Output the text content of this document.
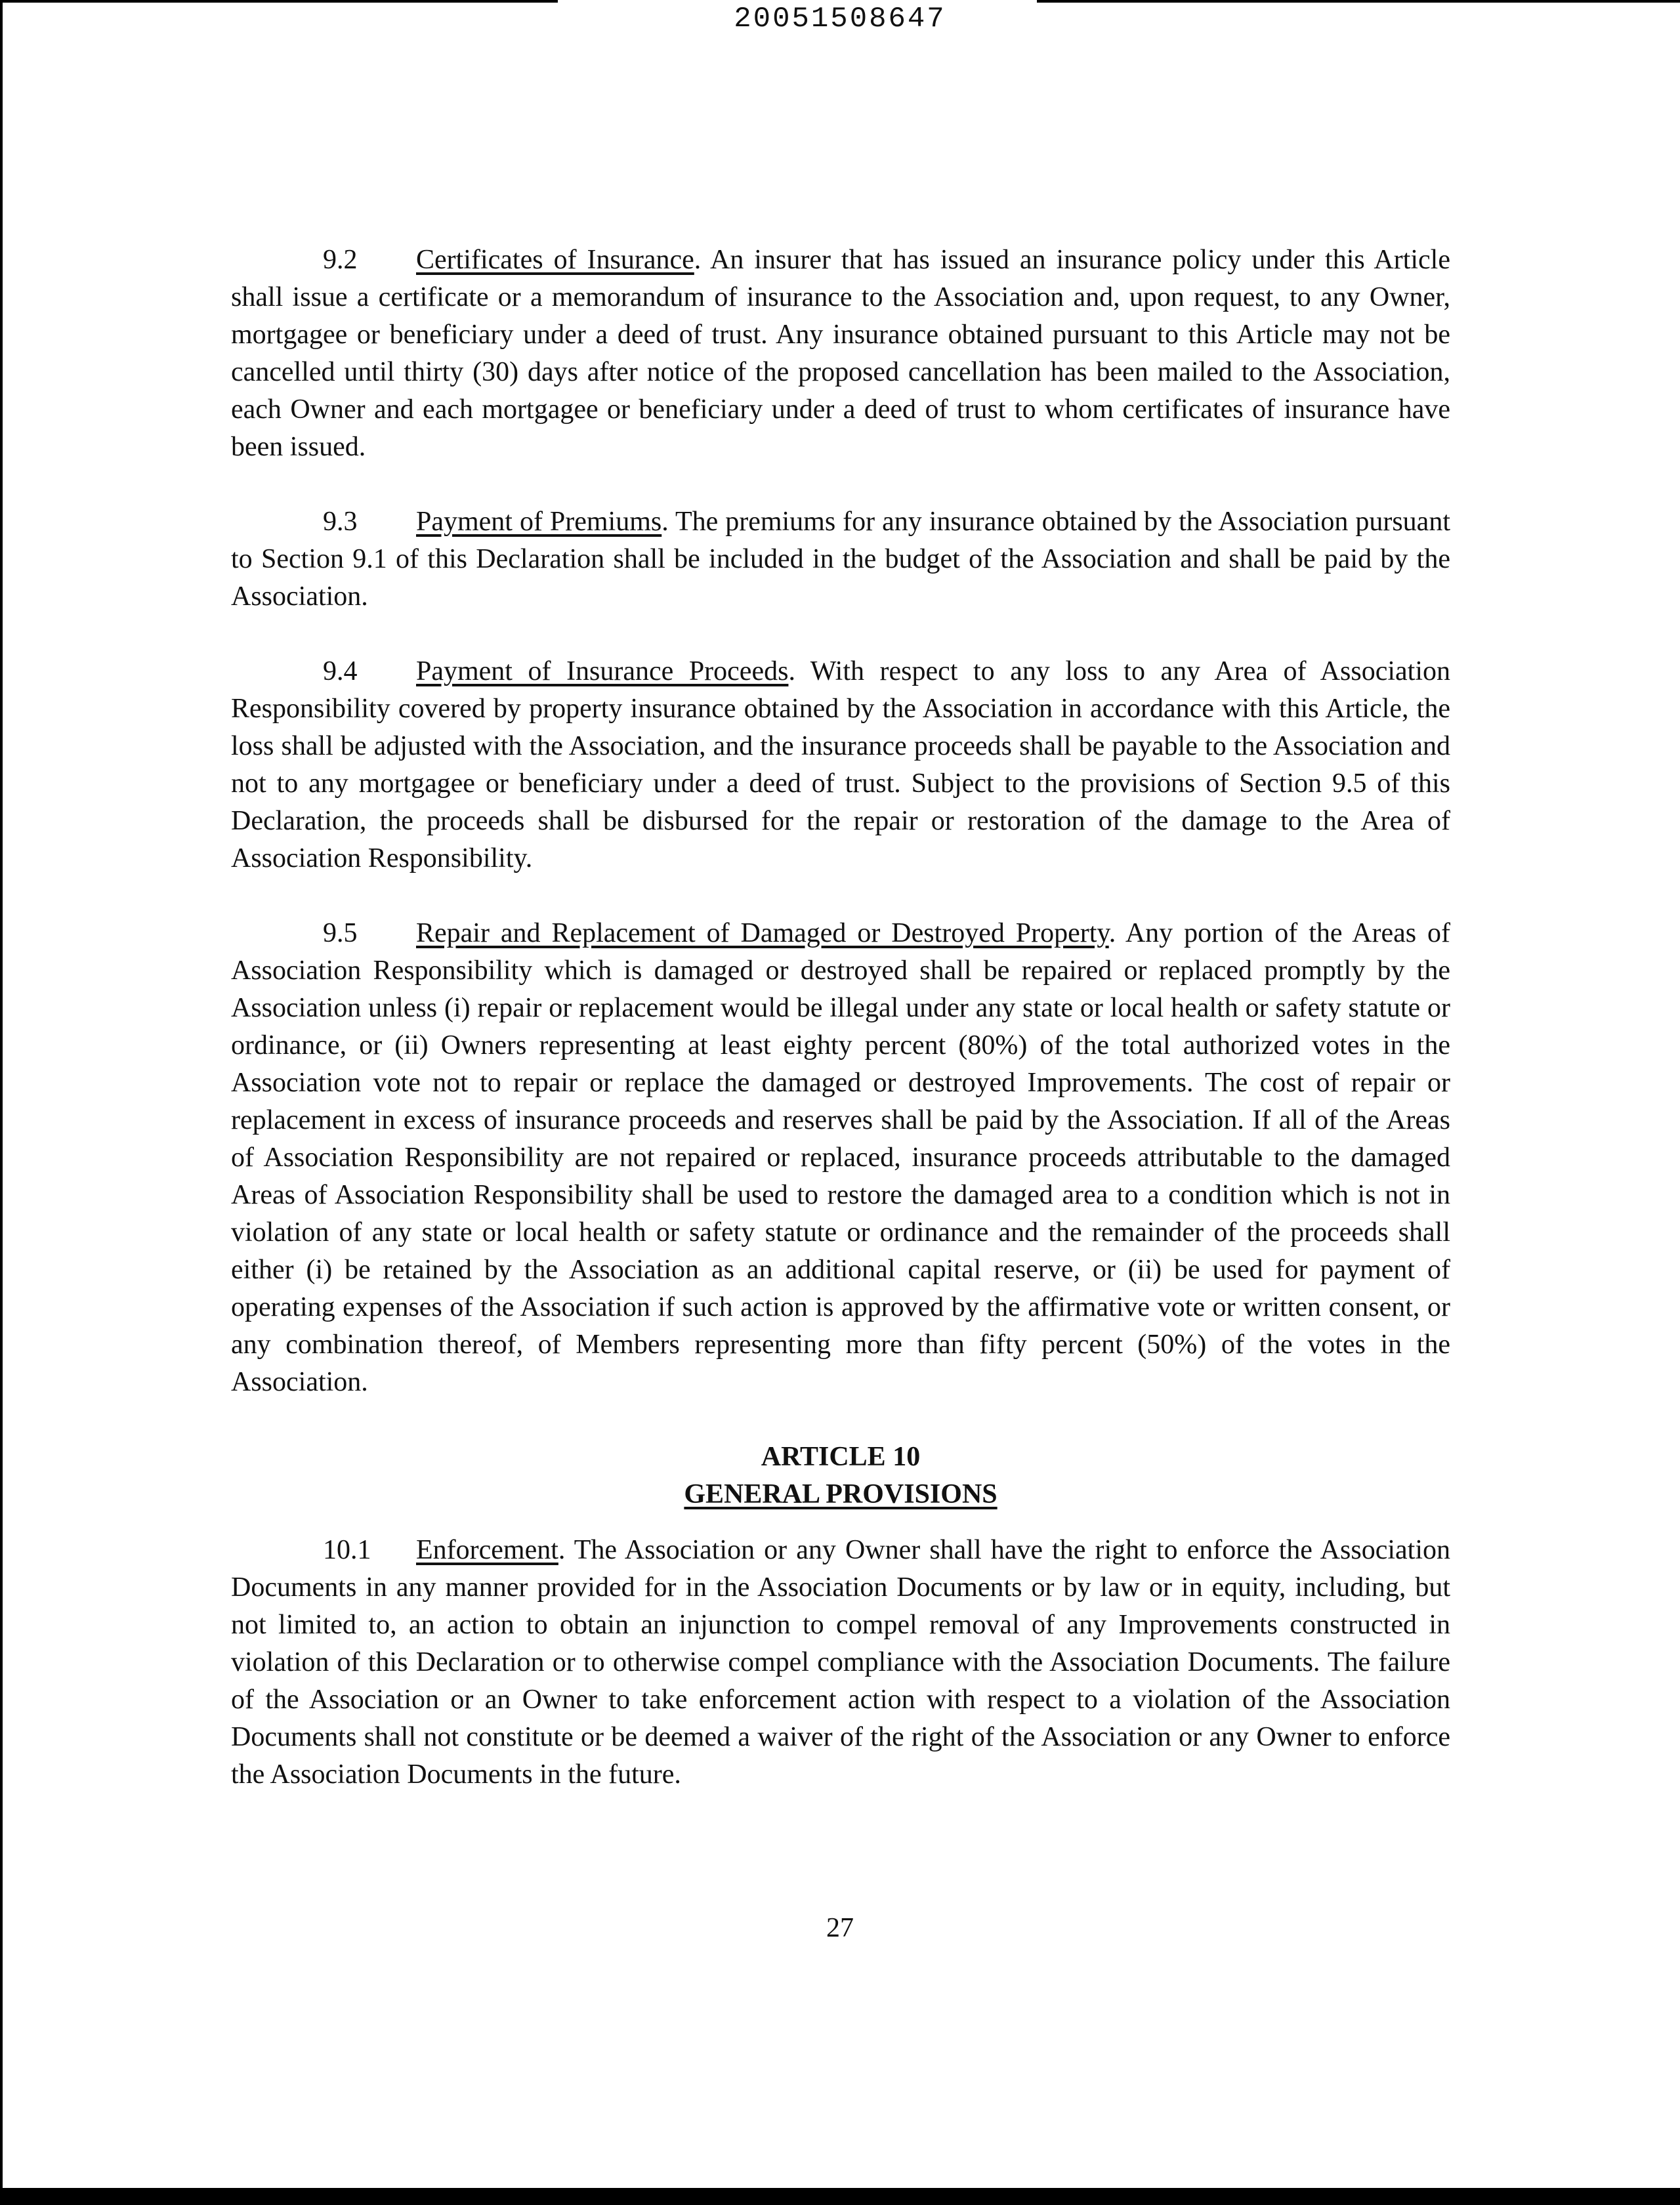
20051508647

9.2 Certificates of Insurance. An insurer that has issued an insurance policy under this Article shall issue a certificate or a memorandum of insurance to the Association and, upon request, to any Owner, mortgagee or beneficiary under a deed of trust. Any insurance obtained pursuant to this Article may not be cancelled until thirty (30) days after notice of the proposed cancellation has been mailed to the Association, each Owner and each mortgagee or beneficiary under a deed of trust to whom certificates of insurance have been issued.

9.3 Payment of Premiums. The premiums for any insurance obtained by the Association pursuant to Section 9.1 of this Declaration shall be included in the budget of the Association and shall be paid by the Association.

9.4 Payment of Insurance Proceeds. With respect to any loss to any Area of Association Responsibility covered by property insurance obtained by the Association in accordance with this Article, the loss shall be adjusted with the Association, and the insurance proceeds shall be payable to the Association and not to any mortgagee or beneficiary under a deed of trust. Subject to the provisions of Section 9.5 of this Declaration, the proceeds shall be disbursed for the repair or restoration of the damage to the Area of Association Responsibility.

9.5 Repair and Replacement of Damaged or Destroyed Property. Any portion of the Areas of Association Responsibility which is damaged or destroyed shall be repaired or replaced promptly by the Association unless (i) repair or replacement would be illegal under any state or local health or safety statute or ordinance, or (ii) Owners representing at least eighty percent (80%) of the total authorized votes in the Association vote not to repair or replace the damaged or destroyed Improvements. The cost of repair or replacement in excess of insurance proceeds and reserves shall be paid by the Association. If all of the Areas of Association Responsibility are not repaired or replaced, insurance proceeds attributable to the damaged Areas of Association Responsibility shall be used to restore the damaged area to a condition which is not in violation of any state or local health or safety statute or ordinance and the remainder of the proceeds shall either (i) be retained by the Association as an additional capital reserve, or (ii) be used for payment of operating expenses of the Association if such action is approved by the affirmative vote or written consent, or any combination thereof, of Members representing more than fifty percent (50%) of the votes in the Association.

ARTICLE 10
GENERAL PROVISIONS

10.1 Enforcement. The Association or any Owner shall have the right to enforce the Association Documents in any manner provided for in the Association Documents or by law or in equity, including, but not limited to, an action to obtain an injunction to compel removal of any Improvements constructed in violation of this Declaration or to otherwise compel compliance with the Association Documents. The failure of the Association or an Owner to take enforcement action with respect to a violation of the Association Documents shall not constitute or be deemed a waiver of the right of the Association or any Owner to enforce the Association Documents in the future.

27
